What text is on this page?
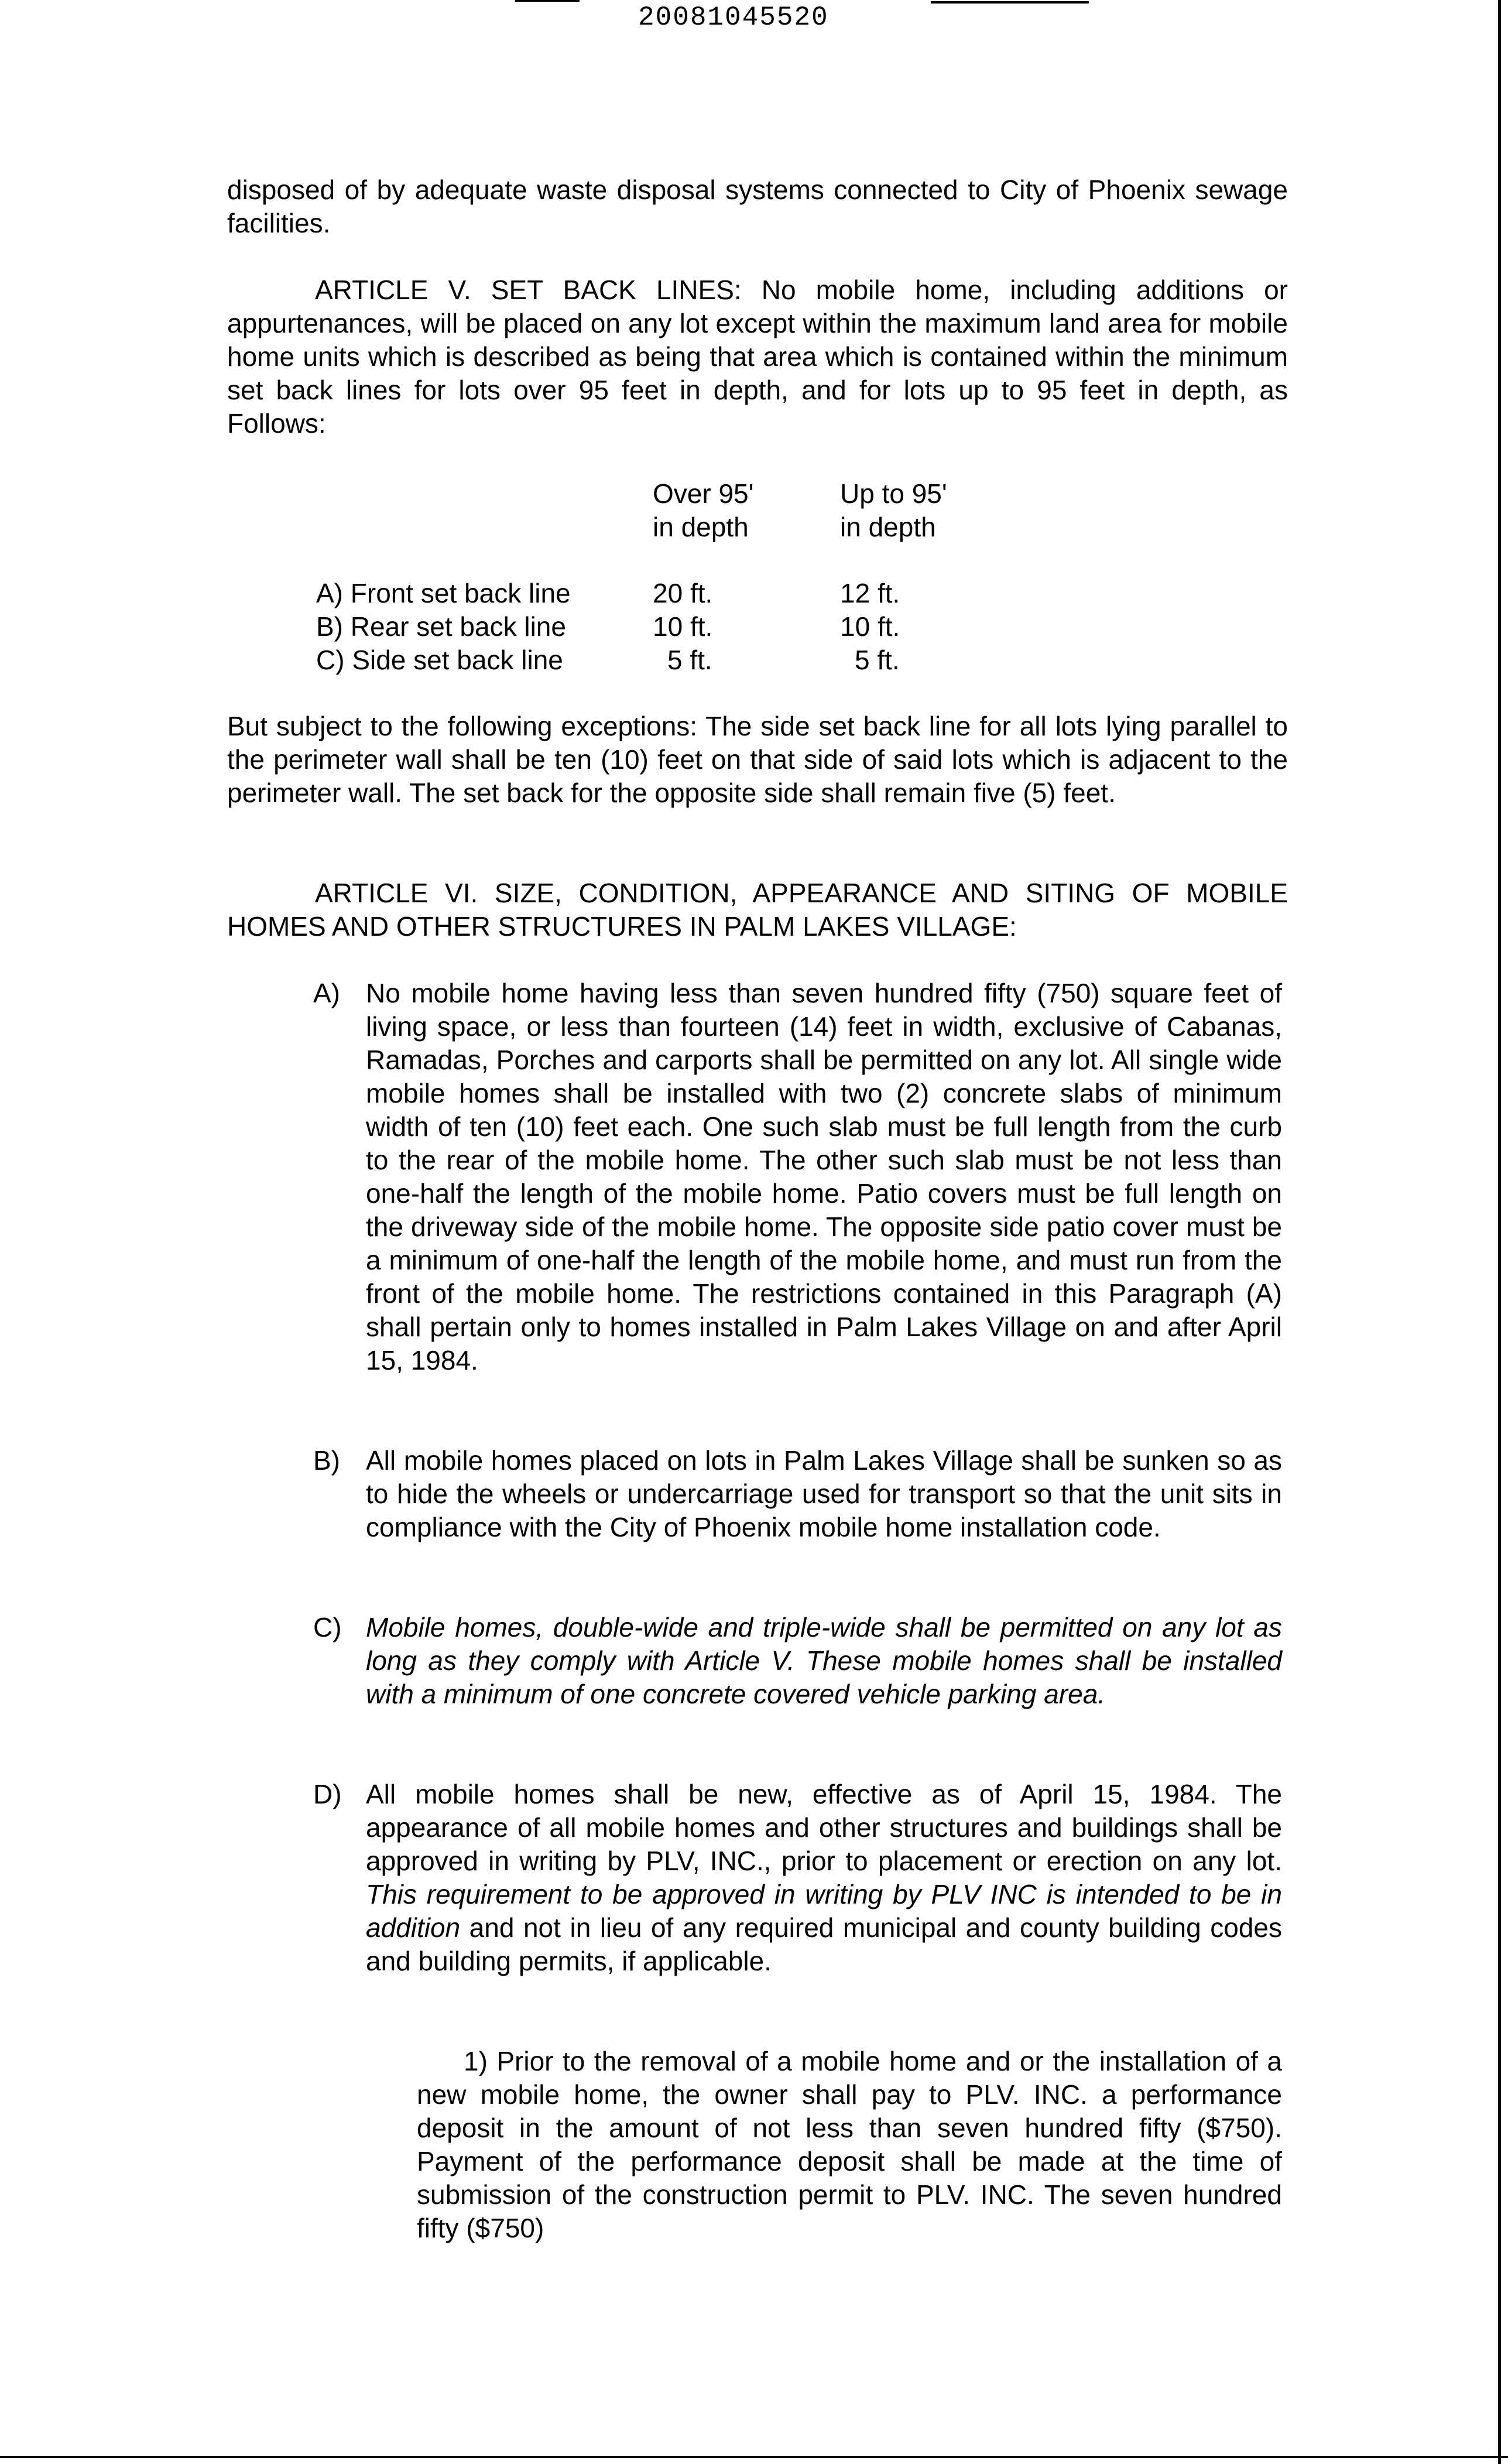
20081045520
disposed of by adequate waste disposal systems connected to City of Phoenix sewage facilities.
ARTICLE V. SET BACK LINES: No mobile home, including additions or appurtenances, will be placed on any lot except within the maximum land area for mobile home units which is described as being that area which is contained within the minimum set back lines for lots over 95 feet in depth, and for lots up to 95 feet in depth, as Follows:
Over 95'
in depth
Up to 95'
in depth
A) Front set back line	20 ft.	12 ft.
B) Rear set back line	10 ft.	10 ft.
C) Side set back line	5 ft.	5 ft.
But subject to the following exceptions: The side set back line for all lots lying parallel to the perimeter wall shall be ten (10) feet on that side of said lots which is adjacent to the perimeter wall. The set back for the opposite side shall remain five (5) feet.
ARTICLE VI. SIZE, CONDITION, APPEARANCE AND SITING OF MOBILE HOMES AND OTHER STRUCTURES IN PALM LAKES VILLAGE:
A) No mobile home having less than seven hundred fifty (750) square feet of living space, or less than fourteen (14) feet in width, exclusive of Cabanas, Ramadas, Porches and carports shall be permitted on any lot. All single wide mobile homes shall be installed with two (2) concrete slabs of minimum width of ten (10) feet each. One such slab must be full length from the curb to the rear of the mobile home. The other such slab must be not less than one-half the length of the mobile home. Patio covers must be full length on the driveway side of the mobile home. The opposite side patio cover must be a minimum of one-half the length of the mobile home, and must run from the front of the mobile home. The restrictions contained in this Paragraph (A) shall pertain only to homes installed in Palm Lakes Village on and after April 15, 1984.
B) All mobile homes placed on lots in Palm Lakes Village shall be sunken so as to hide the wheels or undercarriage used for transport so that the unit sits in compliance with the City of Phoenix mobile home installation code.
C) Mobile homes, double-wide and triple-wide shall be permitted on any lot as long as they comply with Article V. These mobile homes shall be installed with a minimum of one concrete covered vehicle parking area.
D) All mobile homes shall be new, effective as of April 15, 1984. The appearance of all mobile homes and other structures and buildings shall be approved in writing by PLV, INC., prior to placement or erection on any lot. This requirement to be approved in writing by PLV INC is intended to be in addition and not in lieu of any required municipal and county building codes and building permits, if applicable.
1) Prior to the removal of a mobile home and or the installation of a new mobile home, the owner shall pay to PLV. INC. a performance deposit in the amount of not less than seven hundred fifty ($750). Payment of the performance deposit shall be made at the time of submission of the construction permit to PLV. INC. The seven hundred fifty ($750)
